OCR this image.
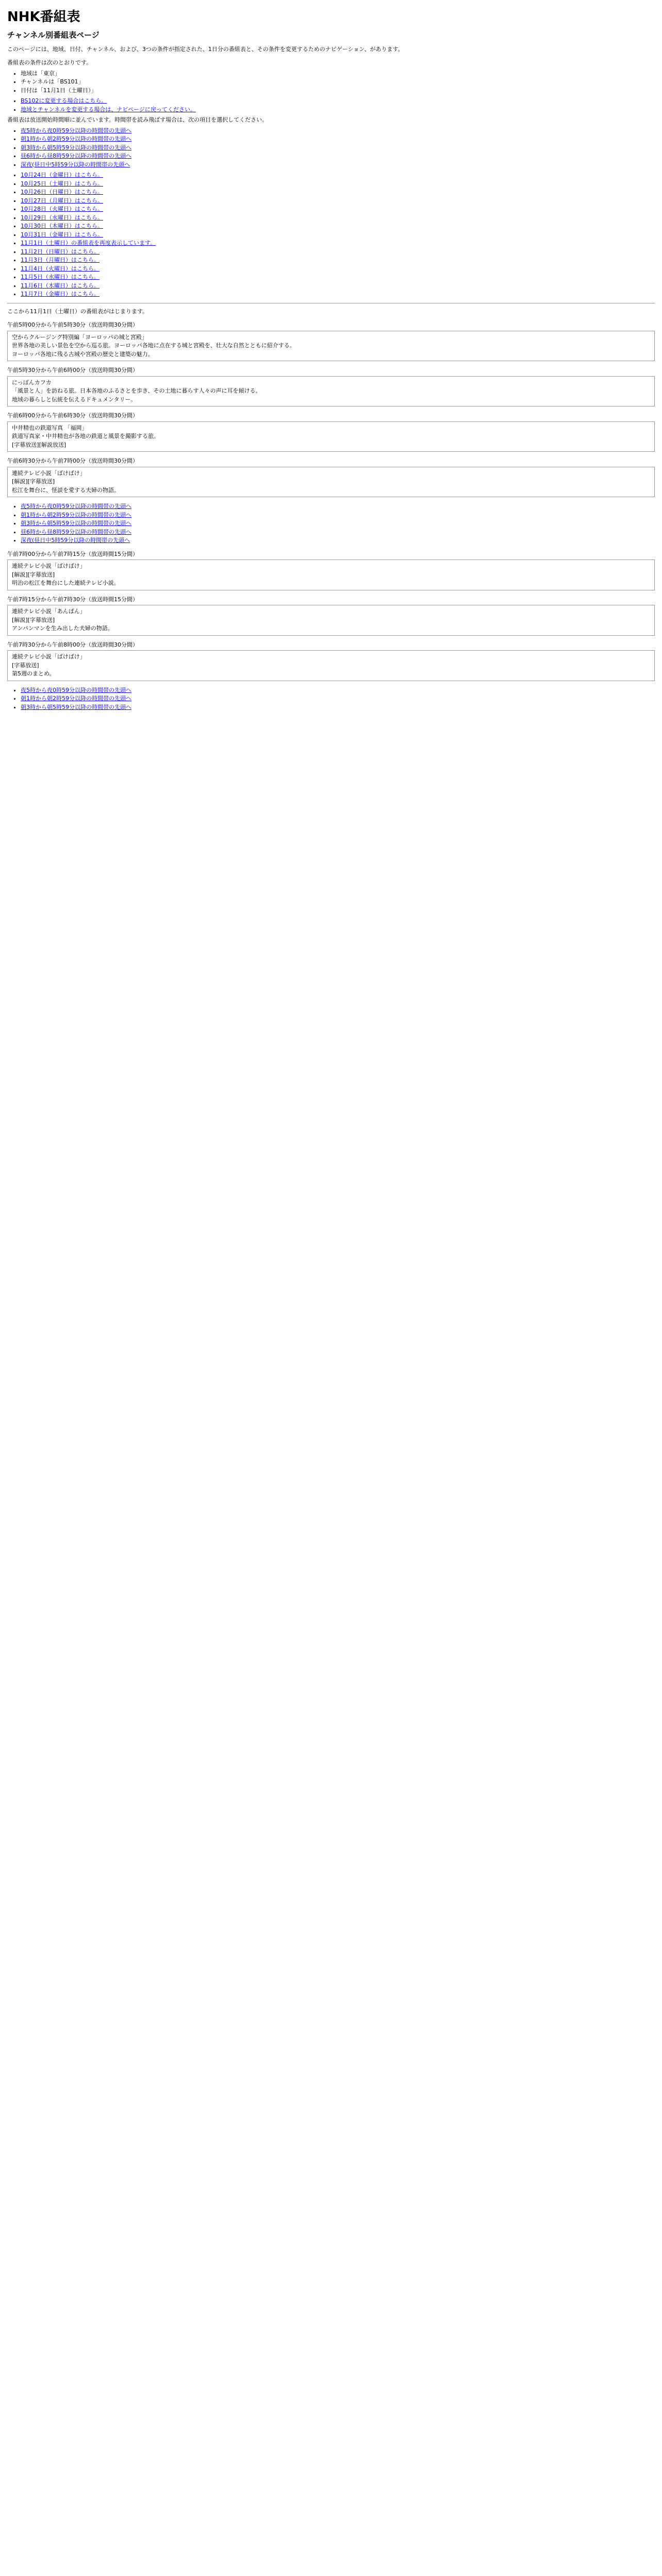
NHK番組表
チャンネル別番組表ページ

このページには、地域、日付、チャンネル、および、3つの条件が指定された、1日分の番組表と、その条件を変更するためのナビゲーション、があります。

番組表の条件は次のとおりです。

• 地域は「東京」
• チャンネルは「BS101」
• 日付は「11月1日（土曜日）」
• BS102に変更する場合はこちら。
• 地域とチャンネルを変更する場合は、ナビページに戻ってください。

番組表は放送開始時間順に並んでいます。時間帯を読み飛ばす場合は、次の項目を選択してください。

• 夜5時から夜0時59分以降の時間帯の先頭へ
• 朝1時から朝2時59分以降の時間帯の先頭へ
• 朝3時から朝5時59分以降の時間帯の先頭へ
• 昼6時から昼8時59分以降の時間帯の先頭へ
• 深夜(昼日中5時59分以降の時間帯の先頭へ
• 10月24日（金曜日）はこちら。
• 10月25日（土曜日）はこちら。
• 10月26日（日曜日）はこちら。
• 10月27日（月曜日）はこちら。
• 10月28日（火曜日）はこちら。
• 10月29日（水曜日）はこちら。
• 10月30日（木曜日）はこちら。
• 10月31日（金曜日）はこちら。
• 11月1日（土曜日）の番組表を再度表示しています。
• 11月2日（日曜日）はこちら。
• 11月3日（月曜日）はこちら。
• 11月4日（火曜日）はこちら。
• 11月5日（水曜日）はこちら。
• 11月6日（木曜日）はこちら。
• 11月7日（金曜日）はこちら。

ここから11月1日（土曜日）の番組表がはじまります。

午前5時00分から午前5時30分（放送時間30分間）

空からクルージング特別編「ヨーロッパの城と宮殿」

世界各地の美しい景色を空から巡る旅。ヨーロッパ各地に点在する城と宮殿を、壮大な自然とともに紹介する。

ヨーロッパ各地に残る古城や宮殿の歴史と建築の魅力。

午前5時30分から午前6時00分（放送時間30分間）

にっぽんカフカ

「風景と人」を訪ねる旅。日本各地のふるさとを歩き、その土地に暮らす人々の声に耳を傾ける。

地域の暮らしと伝統を伝えるドキュメンタリー。

午前6時00分から午前6時30分（放送時間30分間）

中井精也の鉄道写真 「福岡」

鉄道写真家・中井精也が各地の鉄道と風景を撮影する旅。

[字幕放送][解説放送]

午前6時30分から午前7時00分（放送時間30分間）

連続テレビ小説「ばけばけ」

[解説][字幕放送]

松江を舞台に、怪談を愛する夫婦の物語。

• 夜5時から夜0時59分以降の時間帯の先頭へ
• 朝1時から朝2時59分以降の時間帯の先頭へ
• 朝3時から朝5時59分以降の時間帯の先頭へ
• 昼6時から昼8時59分以降の時間帯の先頭へ
• 深夜(昼日中5時59分以降の時間帯の先頭へ

午前7時00分から午前7時15分（放送時間15分間）

連続テレビ小説「ばけばけ」

[解説][字幕放送]

明治の松江を舞台にした連続テレビ小説。

午前7時15分から午前7時30分（放送時間15分間）

連続テレビ小説「あんぱん」

[解説][字幕放送]

アンパンマンを生み出した夫婦の物語。

午前7時30分から午前8時00分（放送時間30分間）

連続テレビ小説「ばけばけ」

[字幕放送]

第5週のまとめ。

• 夜5時から夜0時59分以降の時間帯の先頭へ
• 朝1時から朝2時59分以降の時間帯の先頭へ
• 朝3時から朝5時59分以降の時間帯の先頭へ
